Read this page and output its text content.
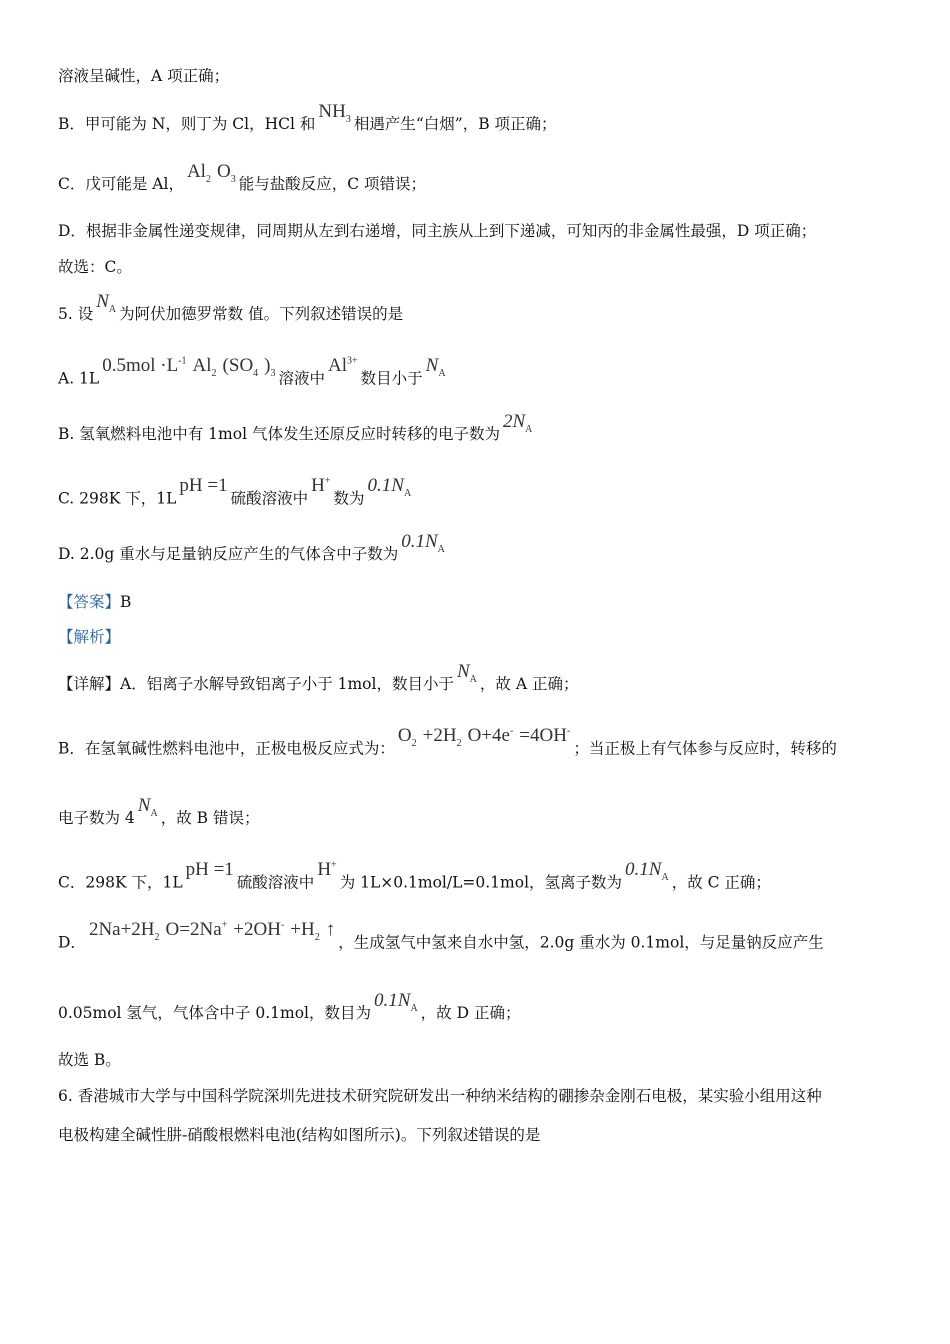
溶液呈碱性，A 项正确；
B．甲可能为 N，则丁为 Cl，HCl 和$NH_3$ 相遇产生“白烟”，B 项正确；
C．戊可能是 Al，$Al_2$ $O_3$ 能与盐酸反应，C 项错误；
D．根据非金属性递变规律，同周期从左到右递增，同主族从上到下递减，可知丙的非金属性最强，D 项正确；
故选：C。
5. 设$N_A$ 为阿伏加德罗常数 值。下列叙述错误的是
A. $1L0.5mol \cdot L^{-1}$ $Al_2$ ($SO_4$ )$_3$ 溶液中$Al^{3+}$数目小于$N_A$
B. 氢氧燃料电池中有 1mol 气体发生还原反应时转移的电子数为$2N_A$
C. 298K 下，1LpH =1硫酸溶液中H+数为$0.1N_A$
D. 2.0g 重水与足量钠反应产生的气体含中子数为$0.1N_A$
【答案】B
【解析】
【详解】A．铝离子水解导致铝离子小于 1mol，数目小于$N_A$ ，故 A 正确；
B．在氢氧碱性燃料电池中，正极电极反应式为：$O_2 +2H_2$ O+4e- =4OH-；当正极上有气体参与反应时，转移的
电子数为 $4N_A$ ，故 B 错误；
C．298K 下，1LpH =1硫酸溶液中H+为 1L×0.1mol/L=0.1mol，氢离子数为$0.1N_A$ ，故 C 正确；
D．$2Na+2H_2$ $O=2Na^+ +2OH^- +H_2$ ↑，生成氢气中氢来自水中氢，2.0g 重水为 0.1mol，与足量钠反应产生
0.05mol 氢气，气体含中子 0.1mol，数目为$0.1N_A$ ，故 D 正确；
故选 B。
6. 香港城市大学与中国科学院深圳先进技术研究院研发出一种纳米结构的硼掺杂金刚石电极，某实验小组用这种
电极构建全碱性肼-硝酸根燃料电池(结构如图所示)。下列叙述错误的是
